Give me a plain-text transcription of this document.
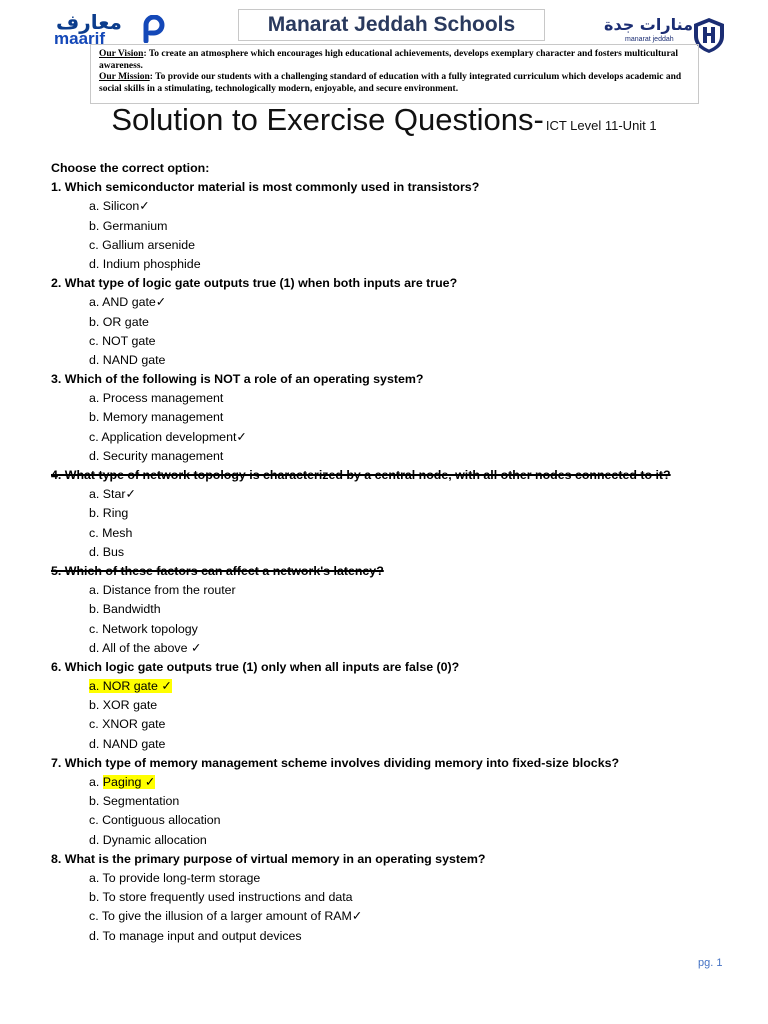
معارف
maarif
Manarat Jeddah Schools	منارات جدة
manarat jeddah

Our Vision: To create an atmosphere which encourages high educational achievements, develops exemplary character and fosters multicultural awareness.

Our Mission: To provide our students with a challenging standard of education with a fully integrated curriculum which develops academic and social skills in a stimulating, technologically modern, enjoyable, and secure environment.

Solution to Exercise Questions- ICT Level 11-Unit 1
Choose the correct option:
1. Which semiconductor material is most commonly used in transistors?
a. Silicon✓
b. Germanium
c. Gallium arsenide
d. Indium phosphide
2. What type of logic gate outputs true (1) when both inputs are true?
a. AND gate✓
b. OR gate
c. NOT gate
d. NAND gate
3. Which of the following is NOT a role of an operating system?
a. Process management
b. Memory management
c. Application development✓
d. Security management
4. What type of network topology is characterized by a central node, with all other nodes connected to it?
a. Star✓
b. Ring
c. Mesh
d. Bus
5. Which of these factors can affect a network's latency?
a. Distance from the router
b. Bandwidth
c. Network topology
d. All of the above ✓
6. Which logic gate outputs true (1) only when all inputs are false (0)?
a. NOR gate ✓
b. XOR gate
c. XNOR gate
d. NAND gate
7. Which type of memory management scheme involves dividing memory into fixed-size blocks?
a. Paging ✓
b. Segmentation
c. Contiguous allocation
d. Dynamic allocation
8. What is the primary purpose of virtual memory in an operating system?
a. To provide long-term storage
b. To store frequently used instructions and data
c. To give the illusion of a larger amount of RAM✓
d. To manage input and output devices
pg. 1
